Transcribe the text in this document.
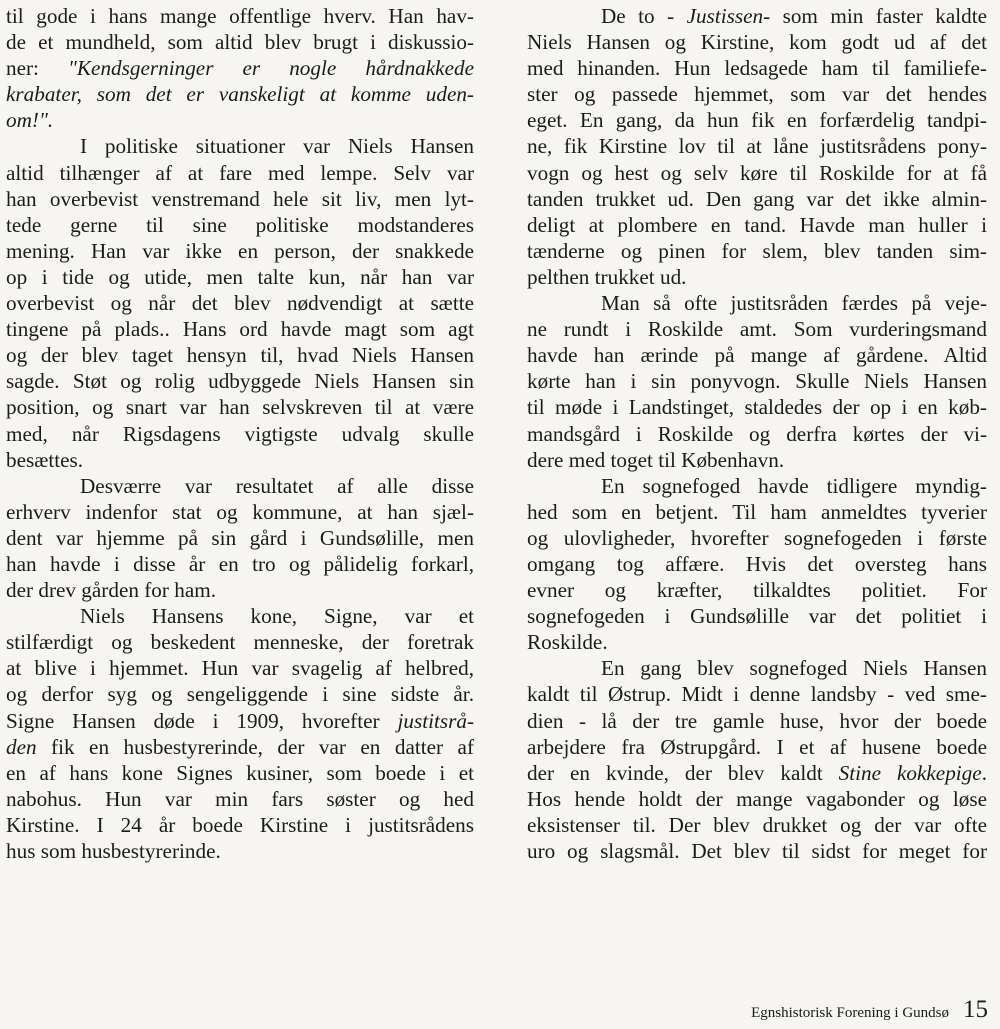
til gode i hans mange offentlige hverv. Han hav-
de et mundheld, som altid blev brugt i diskussio-
ner: "Kendsgerninger er nogle hårdnakkede
krabater, som det er vanskeligt at komme uden-
om!".
I politiske situationer var Niels Hansen
altid tilhænger af at fare med lempe. Selv var
han overbevist venstremand hele sit liv, men lyt-
tede gerne til sine politiske modstanderes
mening. Han var ikke en person, der snakkede
op i tide og utide, men talte kun, når han var
overbevist og når det blev nødvendigt at sætte
tingene på plads.. Hans ord havde magt som agt
og der blev taget hensyn til, hvad Niels Hansen
sagde. Støt og rolig udbyggede Niels Hansen sin
position, og snart var han selvskreven til at være
med, når Rigsdagens vigtigste udvalg skulle
besættes.
Desværre var resultatet af alle disse
erhverv indenfor stat og kommune, at han sjæl-
dent var hjemme på sin gård i Gundsølille, men
han havde i disse år en tro og pålidelig forkarl,
der drev gården for ham.
Niels Hansens kone, Signe, var et
stilfærdigt og beskedent menneske, der foretrak
at blive i hjemmet. Hun var svagelig af helbred,
og derfor syg og sengeliggende i sine sidste år.
Signe Hansen døde i 1909, hvorefter justitsrå-
den fik en husbestyrerinde, der var en datter af
en af hans kone Signes kusiner, som boede i et
nabohus. Hun var min fars søster og hed
Kirstine. I 24 år boede Kirstine i justitsrådens
hus som husbestyrerinde.
De to - Justissen- som min faster kaldte
Niels Hansen og Kirstine, kom godt ud af det
med hinanden. Hun ledsagede ham til familiefe-
ster og passede hjemmet, som var det hendes
eget. En gang, da hun fik en forfærdelig tandpi-
ne, fik Kirstine lov til at låne justitsrådens pony-
vogn og hest og selv køre til Roskilde for at få
tanden trukket ud. Den gang var det ikke almin-
deligt at plombere en tand. Havde man huller i
tænderne og pinen for slem, blev tanden sim-
pelthen trukket ud.
Man så ofte justitsråden færdes på veje-
ne rundt i Roskilde amt. Som vurderingsmand
havde han ærinde på mange af gårdene. Altid
kørte han i sin ponyvogn. Skulle Niels Hansen
til møde i Landstinget, staldedes der op i en køb-
mandsgård i Roskilde og derfra kørtes der vi-
dere med toget til København.
En sognefoged havde tidligere myndig-
hed som en betjent. Til ham anmeldtes tyverier
og ulovligheder, hvorefter sognefogeden i første
omgang tog affære. Hvis det oversteg hans
evner og kræfter, tilkaldtes politiet. For
sognefogeden i Gundsølille var det politiet i
Roskilde.
En gang blev sognefoged Niels Hansen
kaldt til Østrup. Midt i denne landsby - ved sme-
dien - lå der tre gamle huse, hvor der boede
arbejdere fra Østrupgård. I et af husene boede
der en kvinde, der blev kaldt Stine kokkepige.
Hos hende holdt der mange vagabonder og løse
eksistenser til. Der blev drukket og der var ofte
uro og slagsmål. Det blev til sidst for meget for
Egnshistorisk Forening i Gundsø 15
